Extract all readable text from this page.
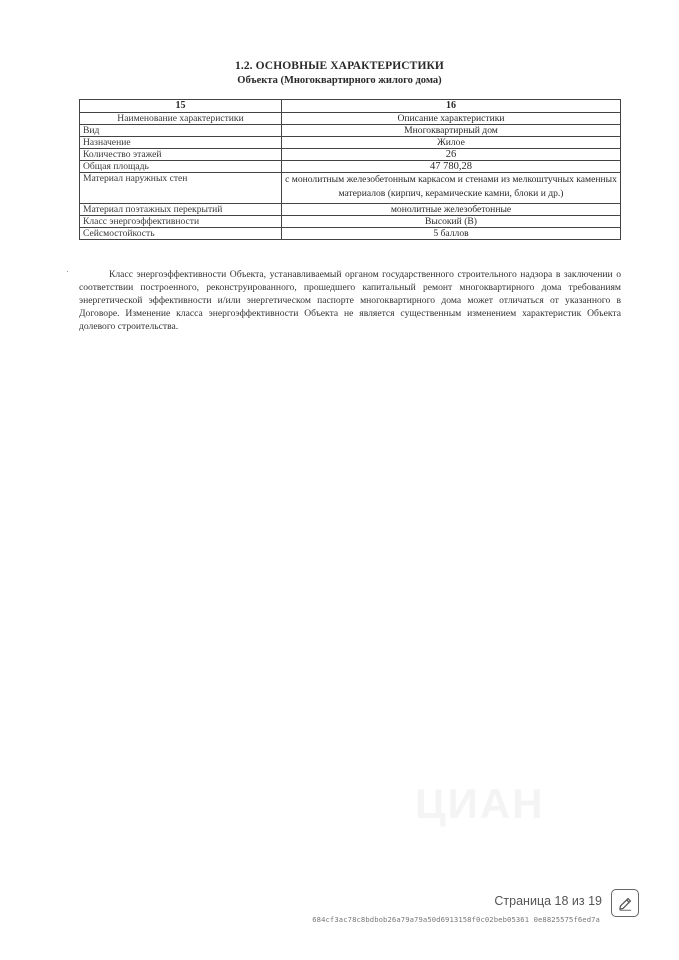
1.2. ОСНОВНЫЕ ХАРАКТЕРИСТИКИ
Объекта (Многоквартирного жилого дома)
15	16
Наименование характеристики	Описание характеристики
Вид	Многоквартирный дом
Назначение	Жилое
Количество этажей	26
Общая площадь	47 780,28
Материал наружных стен	с монолитным железобетонным каркасом и стенами из мелкоштучных каменных материалов (кирпич, керамические камни, блоки и др.)
Материал поэтажных перекрытий	монолитные железобетонные
Класс энергоэффективности	Высокий (В)
Сейсмостойкость	5 баллов
Класс энергоэффективности Объекта, устанавливаемый органом государственного строительного надзора в заключении о соответствии построенного, реконструированного, прошедшего капитальный ремонт многоквартирного дома требованиям энергетической эффективности и/или энергетическом паспорте многоквартирного дома может отличаться от указанного в Договоре. Изменение класса энергоэффективности Объекта не является существенным изменением характеристик Объекта долевого строительства.
ЦИАН
Страница 18 из 19
684cf3ac78c8bdbob26a79a79a50d6913158f0c02beb05361 0e8825575f6ed7a
